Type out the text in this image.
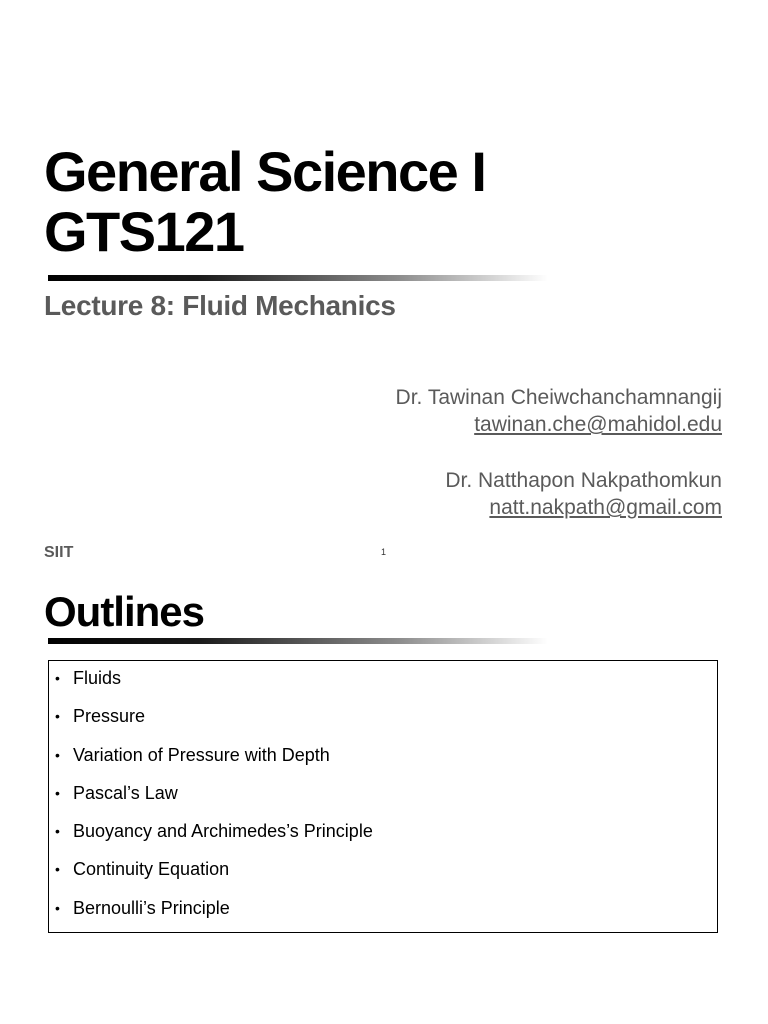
General Science I
GTS121
Lecture 8: Fluid Mechanics
Dr. Tawinan Cheiwchanchamnangij
tawinan.che@mahidol.edu
Dr. Natthapon Nakpathomkun
natt.nakpath@gmail.com
SIIT	1
Outlines
• Fluids
• Pressure
• Variation of Pressure with Depth
• Pascal’s Law
• Buoyancy and Archimedes’s Principle
• Continuity Equation
• Bernoulli’s Principle
